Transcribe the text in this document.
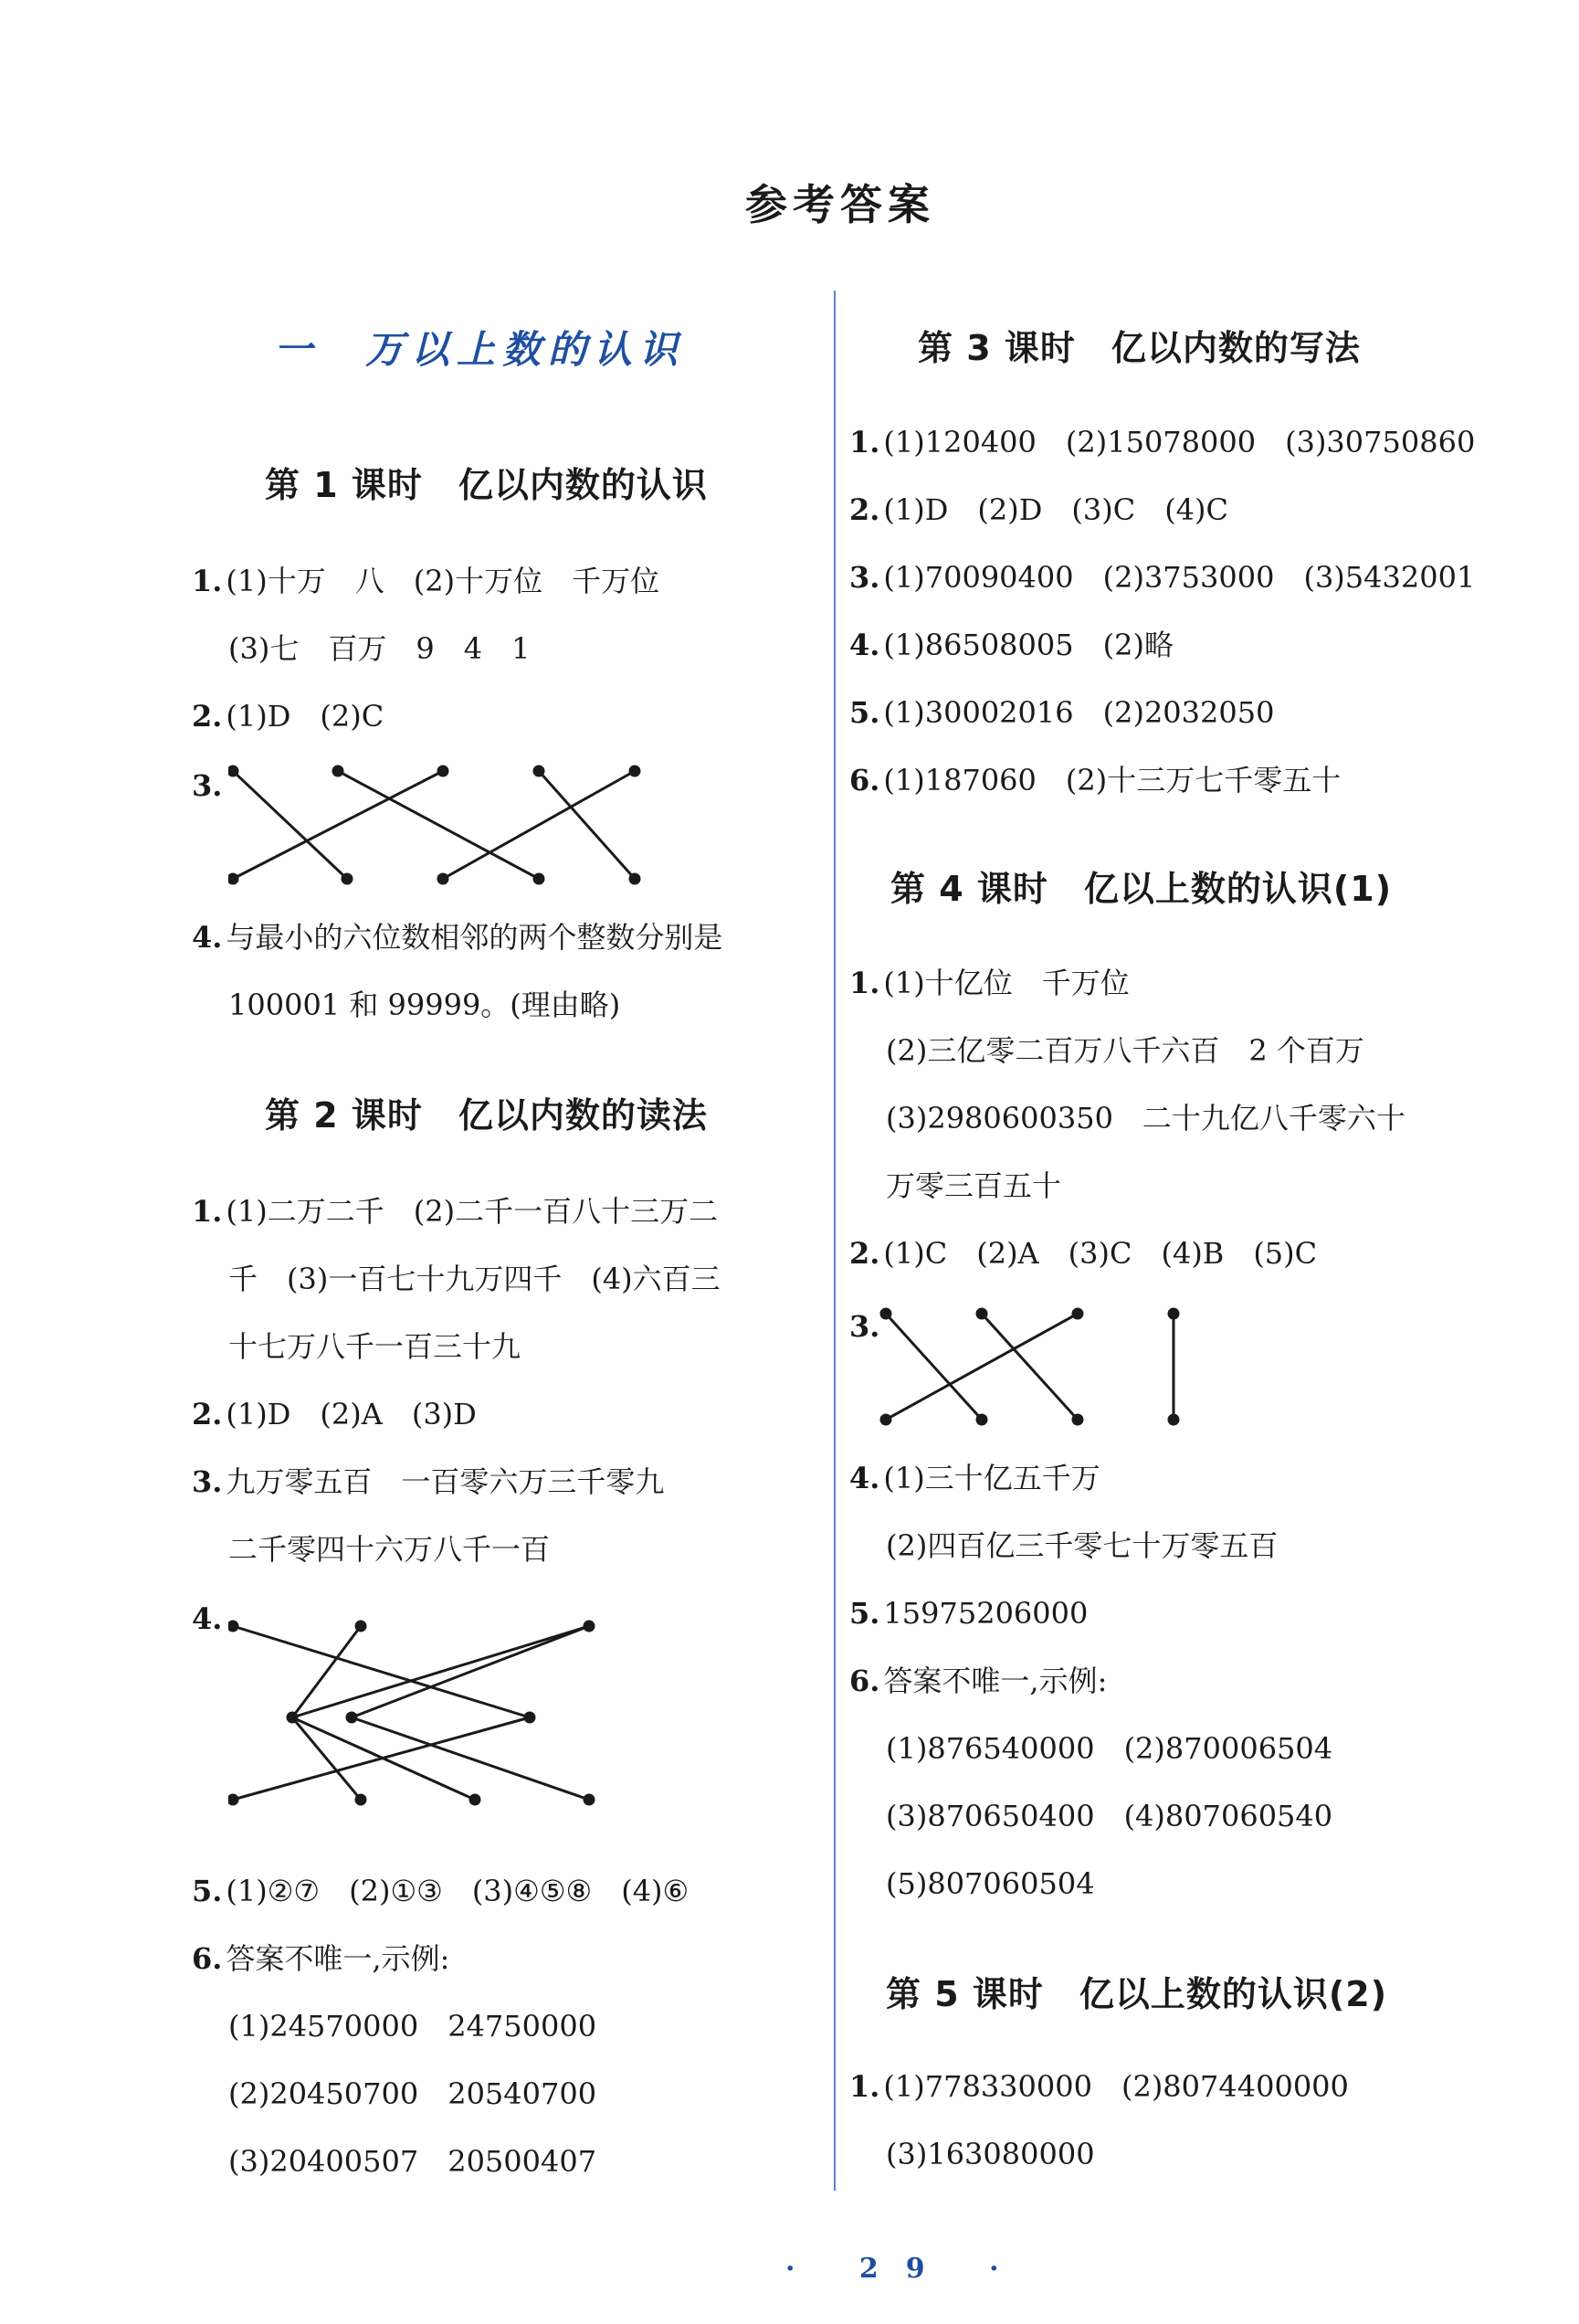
参考答案
一　万以上数的认识
第 1 课时　亿以内数的认识
1. (1)十万　八　(2)十万位　千万位
(3)七　百万　9　4　1
2. (1)D　(2)C
3.
4. 与最小的六位数相邻的两个整数分别是
100001 和 99999。(理由略)
第 2 课时　亿以内数的读法
1. (1)二万二千　(2)二千一百八十三万二
千　(3)一百七十九万四千　(4)六百三
十七万八千一百三十九
2. (1)D　(2)A　(3)D
3. 九万零五百　一百零六万三千零九
二千零四十六万八千一百
4.
5. (1)②⑦　(2)①③　(3)④⑤⑧　(4)⑥
6. 答案不唯一,示例:
(1)24570000　24750000
(2)20450700　20540700
(3)20400507　20500407
第 3 课时　亿以内数的写法
1. (1)120400　(2)15078000　(3)30750860
2. (1)D　(2)D　(3)C　(4)C
3. (1)70090400　(2)3753000　(3)5432001
4. (1)86508005　(2)略
5. (1)30002016　(2)2032050
6. (1)187060　(2)十三万七千零五十
第 4 课时　亿以上数的认识(1)
1. (1)十亿位　千万位
(2)三亿零二百万八千六百　2 个百万
(3)2980600350　二十九亿八千零六十
万零三百五十
2. (1)C　(2)A　(3)C　(4)B　(5)C
3.
4. (1)三十亿五千万
(2)四百亿三千零七十万零五百
5. 15975206000
6. 答案不唯一,示例:
(1)876540000　(2)870006504
(3)870650400　(4)807060540
(5)807060504
第 5 课时　亿以上数的认识(2)
1. (1)778330000　(2)8074400000
(3)163080000
· 29 ·
